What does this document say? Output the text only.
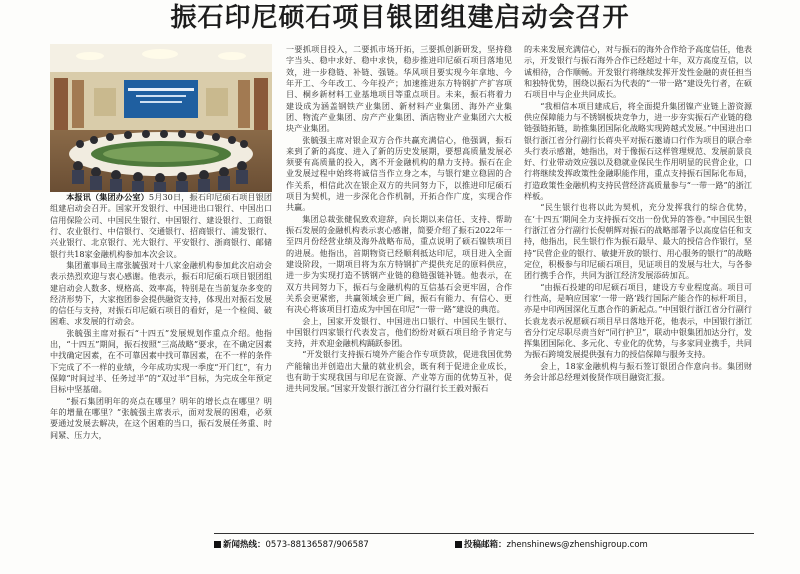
振石印尼硕石项目银团组建启动会召开

本报讯（集团办公室）5月30日，振石印尼硕石项目银团组建启动会召开。国家开发银行、中国进出口银行、中国出口信用保险公司、中国民生银行、中国银行、建设银行、工商银行、农业银行、中信银行、交通银行、招商银行、浦发银行、兴业银行、北京银行、光大银行、平安银行、浙商银行、邮储银行共18家金融机构参加本次会议。

集团董事局主席张毓强对十八家金融机构参加此次启动会表示热烈欢迎与衷心感谢。他表示，振石印尼硕石项目银团组建启动会人数多、规格高、效率高，特别是在当前复杂多变的经济形势下，大家抱团参会提供融资支持，体现出对振石发展的信任与支持，对振石印尼硕石项目的看好，是一个检阅、破困难、求发展的行动会。

张毓强主席对振石“十四五”发展规划作重点介绍。他指出，“十四五”期间，振石按照“三高战略”要求，在不确定因素中找确定因素，在不可靠因素中找可靠因素，在不一样的条件下完成了不一样的业绩，今年成功实现一季度“开门红”，有力保障“时间过半、任务过半”的“双过半”目标，为完成全年预定目标中坚基础。

“振石集团明年的亮点在哪里？明年的增长点在哪里？明年的增量在哪里？”张毓强主席表示，面对发展的困难，必须要通过发展去解决，在这个困难的当口，振石发展任务重、时间紧、压力大，

一要抓项目投入，二要抓市场开拓，三要抓创新研发，坚持稳字当头、稳中求好、稳中求快，稳步推进印尼硕石项目落地见效，进一步稳链、补链、强链。华风项目要实现今年拿地、今年开工、今年改工、今年投产；加速推进东方特钢扩产扩容项目、桐乡新材料工业基地项目等重点项目。未来，振石将着力建设成为涵盖钢铁产业集团、新材料产业集团、海外产业集团、物流产业集团、房产产业集团、酒店物业产业集团六大板块产业集团。

张毓强主席对银企双方合作共赢充满信心，他强调，振石来到了新的高度、进入了新的历史发展期，要想高质量发展必须要有高质量的投入，离不开金融机构的鼎力支持。振石在企业发展过程中始终将诚信当作立身之本，与银行建立稳固的合作关系，相信此次在银企双方的共同努力下，以推进印尼硕石项目为契机，进一步深化合作机制，开拓合作广度，实现合作共赢。

集团总裁张健侃致欢迎辞，向长期以来信任、支持、帮助振石发展的金融机构表示衷心感谢，简要介绍了振石2022年一至四月份经营业绩及海外战略布局，重点说明了硕石镍铁项目的进展。他指出，首期物资已经顺利抵达印尼，项目进入全面建设阶段，一期项目将为东方特钢扩产提供充足的原料供应，进一步为实现打造不锈钢产业链的稳链强链补链。他表示，在双方共同努力下，振石与金融机构的互信基石会更牢固，合作关系会更紧密，共赢领域会更广阔，振石有能力、有信心、更有决心将该项目打造成为中国在印尼“一带一路”建设的典范。

会上，国家开发银行、中国进出口银行、中国民生银行、中国银行四家银行代表发言，他们纷纷对硕石项目给予肯定与支持，并欢迎金融机构踊跃参团。

“开发银行支持振石境外产能合作专项贷款，促进我国优势产能输出并创造出大量的就业机会，既有利于促进企业成长，也有助于实现我国与印尼在资源、产业等方面的优势互补，促进共同发展。”国家开发银行浙江省分行副行长王毅对振石

的未来发展充满信心，对与振石的海外合作给予高度信任，他表示，开发银行与振石海外合作已经超过十年，双方高度互信，以诚相待，合作顺畅。开发银行将继续发挥开发性金融的责任担当和独特优势，围绕以振石为代表的“一带一路”建设先行者，在硕石项目中与企业共同成长。

“我相信本项目建成后，将全面提升集团镍产业链上游资源供应保障能力与不锈钢板块竞争力，进一步夯实振石产业链的稳链强链拓链，助推集团国际化战略实现跨越式发展。”中国进出口银行浙江省分行副行长蒋央平对振石邀请口行作为项目的联合牵头行表示感谢，她指出，对于像振石这样管理规范、发展前景良好、行业带动效应强以及稳就业保民生作用明显的民营企业，口行将继续发挥政策性金融职能作用，重点支持振石国际化布局，打造政策性金融机构支持民营经济高质量参与“一带一路”的浙江样板。

“民生银行也将以此为契机，充分发挥我行的综合优势，在‘十四五’期间全力支持振石交出一份优异的答卷。”中国民生银行浙江省分行副行长倪朝辉对振石的战略部署予以高度信任和支持，他指出，民生银行作为振石最早、最大的授信合作银行，坚持“民营企业的银行、敏捷开放的银行、用心服务的银行”的战略定位，积极参与印尼硕石项目，见证项目的发展与壮大，与各参团行携手合作，共同为浙江经济发展添砖加瓦。

“由振石投建的印尼硕石项目，建设方专业程度高。项目可行性高，是响应国家‘一带一路’践行国际产能合作的标杆项目，亦是中印两国深化互惠合作的新起点。”中国银行浙江省分行副行长袁龙表示祝愿硕石项目早日落地开花，他表示，中国银行浙江省分行定尽职尽责当好“同行护卫”，联动中银集团加达分行，发挥集团国际化、多元化、专业化的优势，与多家同业携手，共同为振石跨境发展提供强有力的授信保障与服务支持。

会上，18家金融机构与振石签订银团合作意向书。集团财务会计部总经理刘俊贤作项目融资汇报。

新闻热线：0573-88136587/906587	投稿邮箱：zhenshinews@zhenshigroup.com
